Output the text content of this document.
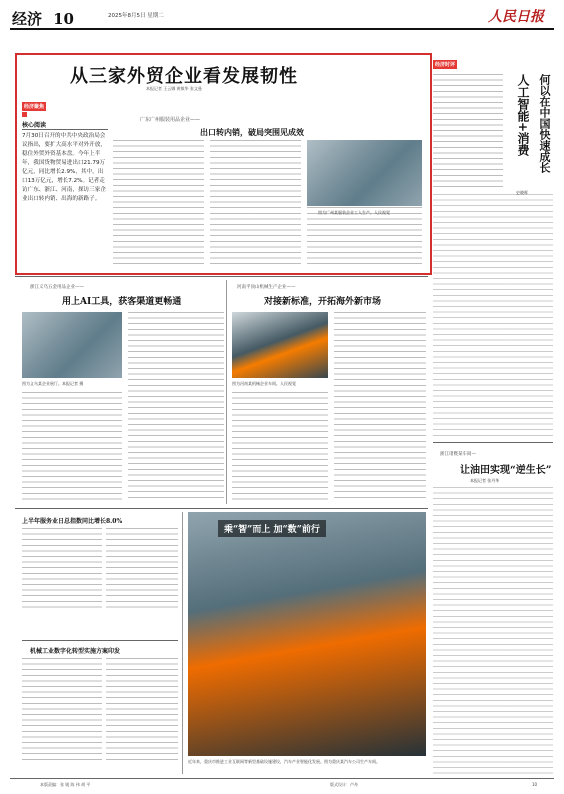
经济 10	2025年8月5日 星期二	人民日报
从三家外贸企业看发展韧性
本报记者 王云娜 黄敏华 张文曼
经济聚焦
核心阅读
7月30日召开的中共中央政治局会议指出，要扩大高水平对外开放，稳住外贸外资基本盘。今年上半年，我国货物贸易进出口21.79万亿元，同比增长2.9%，其中，出口13万亿元，增长7.2%。记者走访广东、浙江、河南，探访三家企业出口转内销、出海的新路子。
广东广州服装用品企业——
出口转内销，破局突围见成效
图为广州某服装企业工人生产。人民视觉
经济时评
人工智能+消费 何以在中国快速成长
史晓晖
浙江诸暨某车间—
让油田实现“逆生长”
本报记者 张丹华
浙江义乌五金用品企业——
用上AI工具，获客渠道更畅通
图为义乌某企业展厅。本报记者 摄
河南平顶山机械生产企业——
对接新标准，开拓海外新市场
图为河南某机械企业车间。人民视觉
上半年服务业日总指数同比增长8.0%
机械工业数字化转型实施方案印发
乘“智”而上 加“数”前行
近年来，重庆市推进工业互联网等新型基础设施建设，汽车产业智能化发展。图为重庆某汽车公司生产车间。
本版责编：张 媛 陈 伟 胡 平	版式设计：卢舟	10
